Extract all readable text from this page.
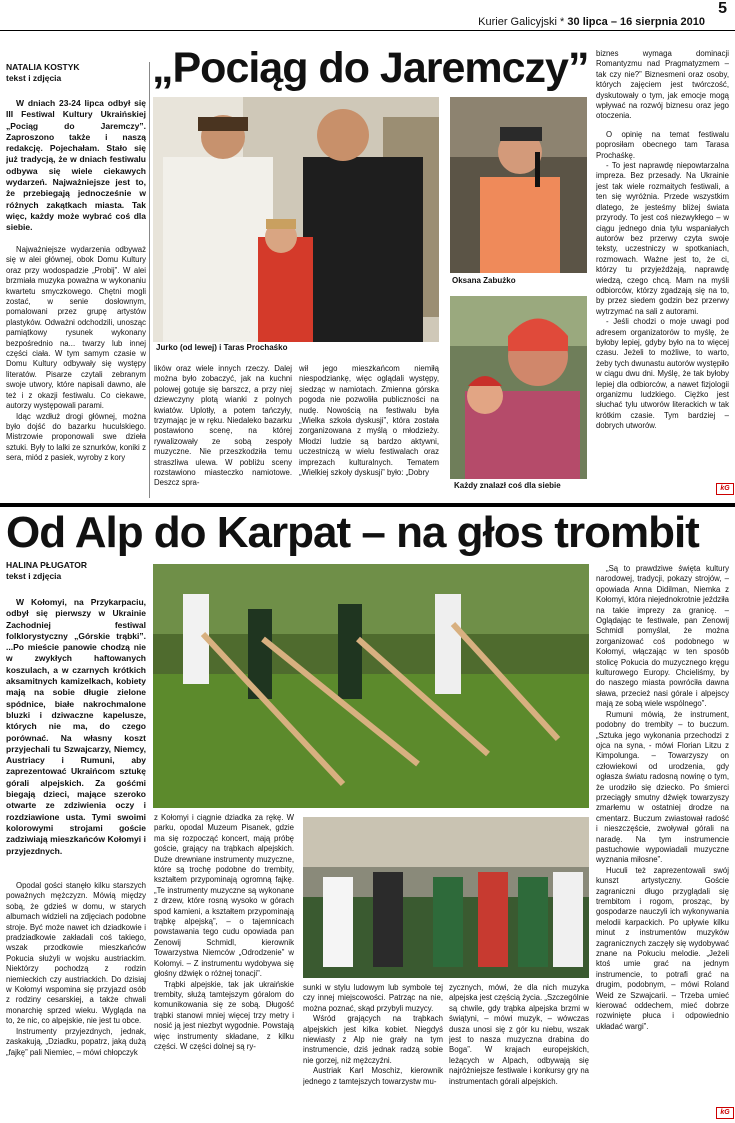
5
Kurier Galicyjski * 30 lipca – 16 sierpnia 2010
NATALIA KOSTYK
tekst i zdjęcia

W dniach 23-24 lipca odbył się III Festiwal Kultury Ukraińskiej „Pociąg do Jaremczy”. Zaproszono także i naszą redakcję. Pojechałam. Stało się już tradycją, że w dniach festiwalu odbywa się wiele ciekawych wydarzeń. Najważniejsze jest to, że przebiegają jednocześnie w różnych zakątkach miasta. Tak więc, każdy może wybrać coś dla siebie.

Najważniejsze wydarzenia odbyważ się w alei głównej, obok Domu Kultury oraz przy wodospadzie „Probij”. W alei brzmiała muzyka poważna w wykonaniu kwartetu smyczkowego. Chętni mogli zostać, w senie dosłownym, pomalowani przez grupę artystów plastyków. Odważni odchodzili, unosząc pamiątkowy rysunek wykonany bezpośrednio na... twarzy lub innej części ciała. W tym samym czasie w Domu Kultury odbywały się występy literatów. Pisarze czytali zebranym swoje utwory, które napisali dawno, ale też i z okazji festiwalu. Co ciekawe, autorzy występowali parami.

Idąc wzdłuż drogi głównej, można było dojść do bazarku huculskiego. Mistrzowie proponowali swe dzieła sztuki. Były to lalki ze sznurków, koniki z sera, miód z pasiek, wyroby z kory

„Pociąg do Jaremczy”
Jurko (od lewej) i Taras Prochaśko
Oksana Zabużko
Każdy znalazł coś dla siebie

lików oraz wiele innych rzeczy. Dalej można było zobaczyć, jak na kuchni polowej gotuje się barszcz, a przy niej dziewczyny plotą wianki z polnych kwiatów. Uplotły, a potem tańczyły, trzymając je w ręku. Niedaleko bazarku postawiono scenę, na której rywalizowały ze sobą zespoły muzyczne. Nie przeszkodziła temu straszliwa ulewa. W pobliżu sceny rozstawiono miasteczko namiotowe. Deszcz spra-

wił jego mieszkańcom niemiłą niespodziankę, więc oglądali występy, siedząc w namiotach. Zmienna górska pogoda nie pozwoliła publiczności na nudę. Nowością na festiwalu była „Wielka szkoła dyskusji”, która została zorganizowana z myślą o młodzieży. Młodzi ludzie są bardzo aktywni, uczestniczą w wielu festiwalach oraz imprezach kulturalnych. Tematem „Wielkiej szkoły dyskusji” było: „Dobry

biznes wymaga dominacji Romantyzmu nad Pragmatyzmem – tak czy nie?” Biznesmeni oraz osoby, których zajęciem jest twórczość, dyskutowały o tym, jak emocje mogą wpływać na rozwój biznesu oraz jego otoczenia.

O opinię na temat festiwalu poprosiłam obecnego tam Tarasa Prochaśkę.

- To jest naprawdę niepowtarzalna impreza. Bez przesady. Na Ukrainie jest tak wiele rozmaitych festiwali, a ten się wyróżnia. Przede wszystkim dlatego, że jesteśmy bliżej świata przyrody. To jest coś niezwykłego – w ciągu jednego dnia tylu wspaniałych autorów bez przerwy czyta swoje teksty, uczestniczy w spotkaniach, rozmowach. Ważne jest to, że ci, którzy tu przyjeżdżają, naprawdę wiedzą, czego chcą. Mam na myśli odbiorców, którzy zgadzają się na to, by przez siedem godzin bez przerwy wytrzymać na sali z autorami.

- Jeśli chodzi o moje uwagi pod adresem organizatorów to myślę, że byłoby lepiej, gdyby było na to więcej czasu. Jeżeli to możliwe, to warto, żeby tych dwunastu autorów występiło w ciągu dwu dni. Myślę, że tak byłoby lepiej dla odbiorców, a nawet fizjologii organizmu ludzkiego. Ciężko jest słuchać tylu utworów literackich w tak krótkim czasie. Tym bardziej – dobrych utworów.

kG
Od Alp do Karpat – na głos trombit
HALINA PŁUGATOR
tekst i zdjęcia

W Kołomyi, na Przykarpaciu, odbył się pierwszy w Ukrainie Zachodniej festiwal folklorystyczny „Górskie trąbki”. ...Po mieście panowie chodzą nie w zwykłych haftowanych koszulach, a w czarnych krótkich aksamitnych kamizelkach, kobiety mają na sobie długie zielone spódnice, białe nakrochmalone bluzki i dziwaczne kapelusze, których nie ma, do czego porównać. Na własny koszt przyjechali tu Szwajcarzy, Niemcy, Austriacy i Rumuni, aby zaprezentować Ukraińcom sztukę górali alpejskich. Za gośćmi biegają dzieci, mające szeroko otwarte ze zdziwienia oczy i rozdziawione usta. Tymi swoimi kolorowymi strojami goście zadziwiają mieszkańców Kołomyi i przyjezdnych.

Opodal gości stanęło kilku starszych poważnych mężczyzn. Mówią między sobą, że gdzieś w domu, w starych albumach widzieli na zdjęciach podobne stroje. Być może nawet ich dziadkowie i pradziadkowie zakładali coś takiego, wszak przodkowie mieszkańców Pokucia służyli w wojsku austriackim. Niektórzy pochodzą z rodzin niemieckich czy austriackich. Do dzisiaj w Kołomyi wspomina się przyjazd osób z rodziny cesarskiej, a także chwali monarchię sprzed wieku. Wygląda na to, że nic, co alpejskie, nie jest tu obce.

Instrumenty przyjezdnych, jednak, zaskakują, „Dziadku, popatrz, jaką dużą „fajkę” pali Niemiec, – mówi chłopczyk

z Kołomyi i ciągnie dziadka za rękę. W parku, opodal Muzeum Pisanek, gdzie ma się rozpocząć koncert, mają próbę goście, grający na trąbkach alpejskich. Duże drewniane instrumenty muzyczne, które są trochę podobne do trembity, kształtem przypominają ogromną fajkę. „Te instrumenty muzyczne są wykonane z drzew, które rosną wysoko w górach spod kamieni, a kształtem przypominają trąbkę alpejską”, – o tajemnicach powstawania tego cudu opowiada pan Zenowij Schmidl, kierownik Towarzystwa Niemców „Odrodzenie” w Kołomyi. – Z instrumentu wydobywa się głośny dźwięk o różnej tonacji”.

Trąbki alpejskie, tak jak ukraińskie trembity, służą tamtejszym góralom do komunikowania się ze sobą. Długość trąbki stanowi mniej więcej trzy metry i nosić ją jest niezbyt wygodnie. Powstają więc instrumenty składane, z kilku części. W części dolnej są ry-

sunki w stylu ludowym lub symbole tej czy innej miejscowości. Patrząc na nie, można poznać, skąd przybyli muzycy.

Wśród grających na trąbkach alpejskich jest kilka kobiet. Niegdyś niewiasty z Alp nie grały na tym instrumencie, dziś jednak radzą sobie nie gorzej, niż mężczyźni.

Austriak Karl Moschiz, kierownik jednego z tamtejszych towarzystw mu-

zycznych, mówi, że dla nich muzyka alpejska jest częścią życia. „Szczególnie są chwile, gdy trąbka alpejska brzmi w świątyni, – mówi muzyk, – wówczas dusza unosi się z gór ku niebu, wszak jest to nasza muzyczna drabina do Boga”. W krajach europejskich, leżących w Alpach, odbywają się najróżniejsze festiwale i konkursy gry na instrumentach górali alpejskich.

„Są to prawdziwe święta kultury narodowej, tradycji, pokazy strojów, – opowiada Anna Didilman, Niemka z Kołomyi, która niejednokrotnie jeździła na takie imprezy za granicę. – Oglądając te festiwale, pan Zenowij Schmidl pomyślał, że można zorganizować coś podobnego w Kołomyi, włączając w ten sposób stolicę Pokucia do muzycznego kręgu kulturowego Europy. Chcieliśmy, by do naszego miasta powróciła dawna sława, przecież nasi górale i alpejscy mają ze sobą wiele wspólnego”.

Rumuni mówią, że instrument, podobny do trembity – to buczum. „Sztuka jego wykonania przechodzi z ojca na syna, - mówi Florian Litzu z Kimpolunga. – Towarzyszy on człowiekowi od urodzenia, gdy ogłasza światu radosną nowinę o tym, że urodziło się dziecko. Po śmierci przeciągły smutny dźwięk towarzyszy zmarłemu w ostatniej drodze na cmentarz. Buczum zwiastował radość i nieszczęście, zwoływał górali na naradę. Na tym instrumencie pastuchowie wypowiadali muzyczne wyznania miłosne”.

Huculi też zaprezentowali swój kunszt artystyczny. Goście zagraniczni długo przyglądali się trembitom i rogom, prosząc, by gospodarze nauczyli ich wykonywania melodii karpackich. Po upływie kilku minut z instrumentów muzyków zagranicznych zaczęły się wydobywać znane na Pokuciu melodie. „Jeżeli ktoś umie grać na jednym instrumencie, to potrafi grać na drugim, podobnym, – mówi Roland Weid ze Szwajcarii. – Trzeba umieć kierować oddechem, mieć dobrze rozwinięte płuca i odpowiednio układać wargi”.

kG
